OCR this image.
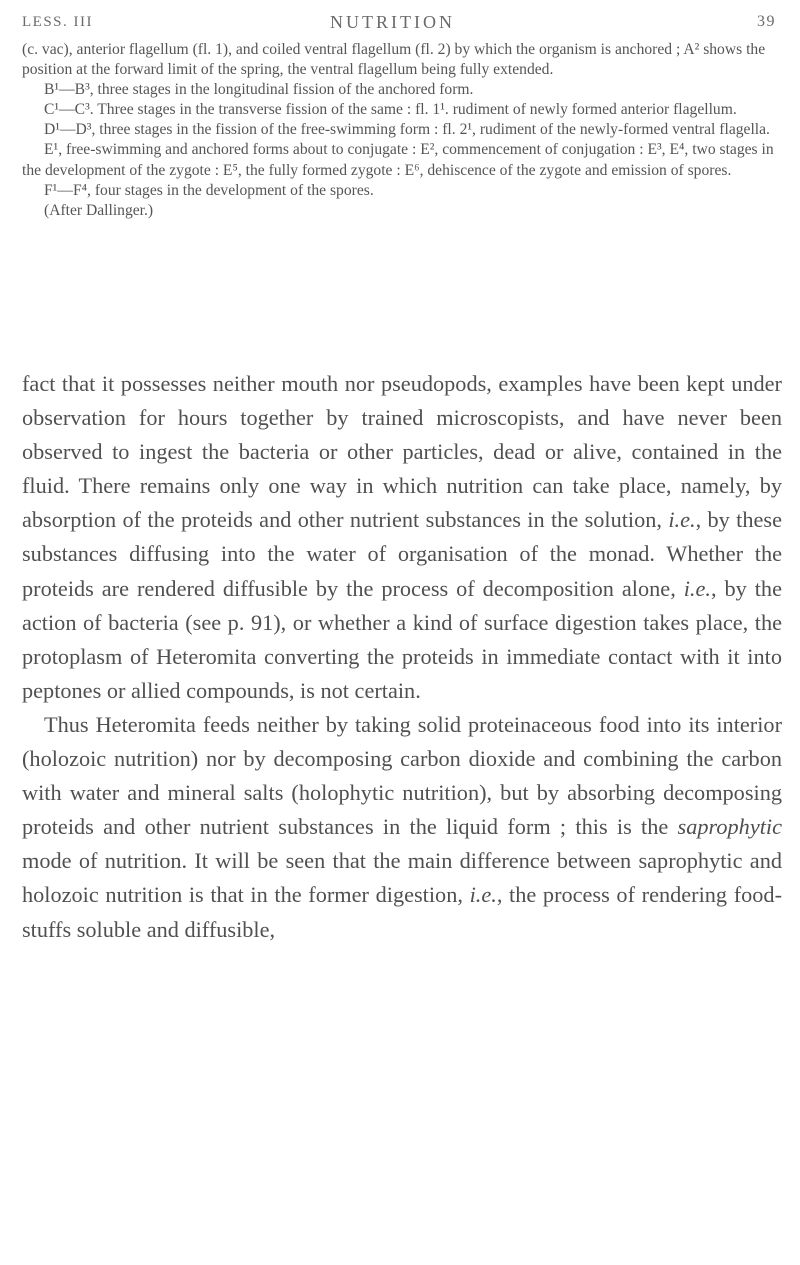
LESS. III	NUTRITION	39

(c. vac), anterior flagellum (fl. 1), and coiled ventral flagellum (fl. 2) by which the organism is anchored ; A² shows the position at the forward limit of the spring, the ventral flagellum being fully extended.

B¹—B³, three stages in the longitudinal fission of the anchored form.

C¹—C³. Three stages in the transverse fission of the same : fl. 1¹. rudiment of newly formed anterior flagellum.

D¹—D³, three stages in the fission of the free-swimming form : fl. 2¹, rudiment of the newly-formed ventral flagella.

E¹, free-swimming and anchored forms about to conjugate : E², commencement of conjugation : E³, E⁴, two stages in the development of the zygote : E⁵, the fully formed zygote : E⁶, dehiscence of the zygote and emission of spores.

F¹—F⁴, four stages in the development of the spores.

(After Dallinger.)

fact that it possesses neither mouth nor pseudopods, examples have been kept under observation for hours together by trained microscopists, and have never been observed to ingest the bacteria or other particles, dead or alive, contained in the fluid. There remains only one way in which nutrition can take place, namely, by absorption of the proteids and other nutrient substances in the solution, i.e., by these substances diffusing into the water of organisation of the monad. Whether the proteids are rendered diffusible by the process of decomposition alone, i.e., by the action of bacteria (see p. 91), or whether a kind of surface digestion takes place, the protoplasm of Heteromita converting the proteids in immediate contact with it into peptones or allied compounds, is not certain.

Thus Heteromita feeds neither by taking solid proteinaceous food into its interior (holozoic nutrition) nor by decomposing carbon dioxide and combining the carbon with water and mineral salts (holophytic nutrition), but by absorbing decomposing proteids and other nutrient substances in the liquid form ; this is the saprophytic mode of nutrition. It will be seen that the main difference between saprophytic and holozoic nutrition is that in the former digestion, i.e., the process of rendering food-stuffs soluble and diffusible,
